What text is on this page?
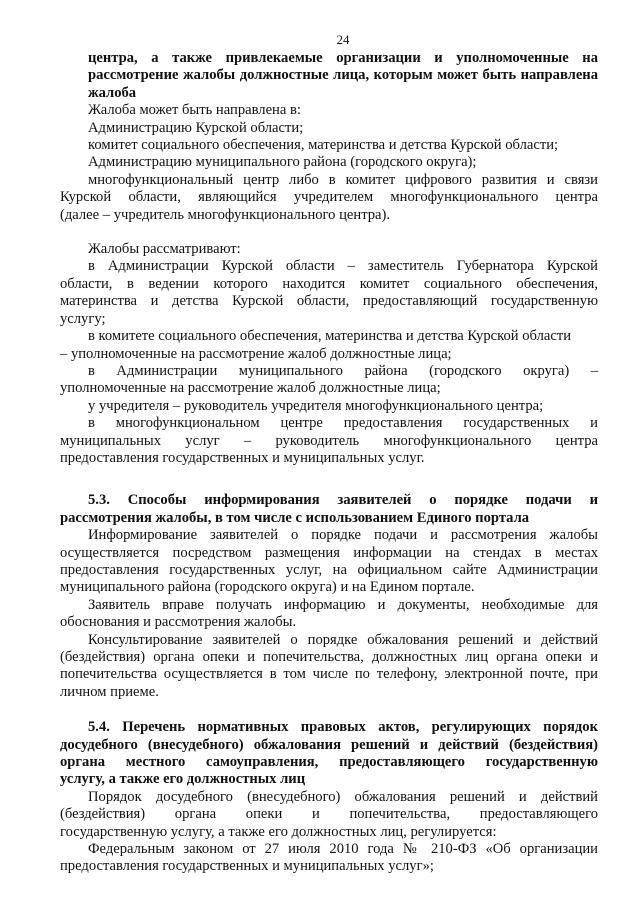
24
центра, а также привлекаемые организации и уполномоченные на
рассмотрение жалобы должностные лица, которым может быть направлена
жалоба
Жалоба может быть направлена в:
Администрацию Курской области;
комитет социального обеспечения, материнства и детства Курской области;
Администрацию муниципального района (городского округа);
многофункциональный центр либо в комитет цифрового развития и связи
Курской области, являющийся учредителем многофункционального центра
(далее – учредитель многофункционального центра).
Жалобы рассматривают:
в Администрации Курской области – заместитель Губернатора Курской
области, в ведении которого находится комитет социального обеспечения,
материнства и детства Курской области, предоставляющий государственную
услугу;
в комитете социального обеспечения, материнства и детства Курской области
– уполномоченные на рассмотрение жалоб должностные лица;
в Администрации муниципального района (городского округа) –
уполномоченные на рассмотрение жалоб должностные лица;
у учредителя – руководитель учредителя многофункционального центра;
в многофункциональном центре предоставления государственных и
муниципальных услуг – руководитель многофункционального центра
предоставления государственных и муниципальных услуг.
5.3. Способы информирования заявителей о порядке подачи и
рассмотрения жалобы, в том числе с использованием Единого портала
Информирование заявителей о порядке подачи и рассмотрения жалобы
осуществляется посредством размещения информации на стендах в местах
предоставления государственных услуг, на официальном сайте Администрации
муниципального района (городского округа) и на Едином портале.
Заявитель вправе получать информацию и документы, необходимые для
обоснования и рассмотрения жалобы.
Консультирование заявителей о порядке обжалования решений и действий
(бездействия) органа опеки и попечительства, должностных лиц органа опеки и
попечительства осуществляется в том числе по телефону, электронной почте, при
личном приеме.
5.4. Перечень нормативных правовых актов, регулирующих порядок
досудебного (внесудебного) обжалования решений и действий (бездействия)
органа местного самоуправления, предоставляющего государственную
услугу, а также его должностных лиц
Порядок досудебного (внесудебного) обжалования решений и действий
(бездействия) органа опеки и попечительства, предоставляющего
государственную услугу, а также его должностных лиц, регулируется:
Федеральным законом от 27 июля 2010 года № 210-ФЗ «Об организации
предоставления государственных и муниципальных услуг»;
